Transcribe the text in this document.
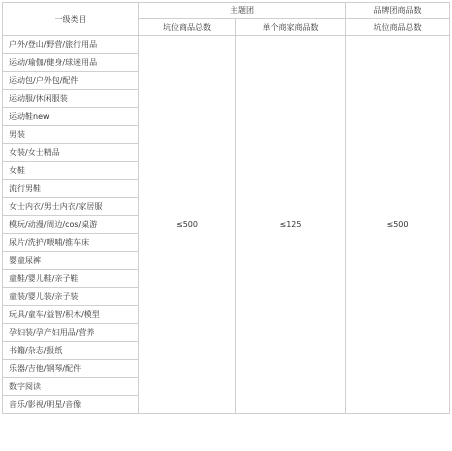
一级类目	主题团		品牌团商品数
	坑位商品总数	单个商家商品数	坑位商品总数
户外/登山/野营/旅行用品	≤500	≤125	≤500
运动/瑜伽/健身/球迷用品			
运动包/户外包/配件			
运动服/休闲服装			
运动鞋new			
男装			
女装/女士精品			
女鞋			
流行男鞋			
女士内衣/男士内衣/家居服			
模玩/动漫/周边/cos/桌游			
尿片/洗护/喂哺/推车床			
婴童尿裤			
童鞋/婴儿鞋/亲子鞋			
童装/婴儿装/亲子装			
玩具/童车/益智/积木/模型			
孕妇装/孕产妇用品/营养			
书籍/杂志/报纸			
乐器/吉他/钢琴/配件			
数字阅读			
音乐/影视/明星/音像			
